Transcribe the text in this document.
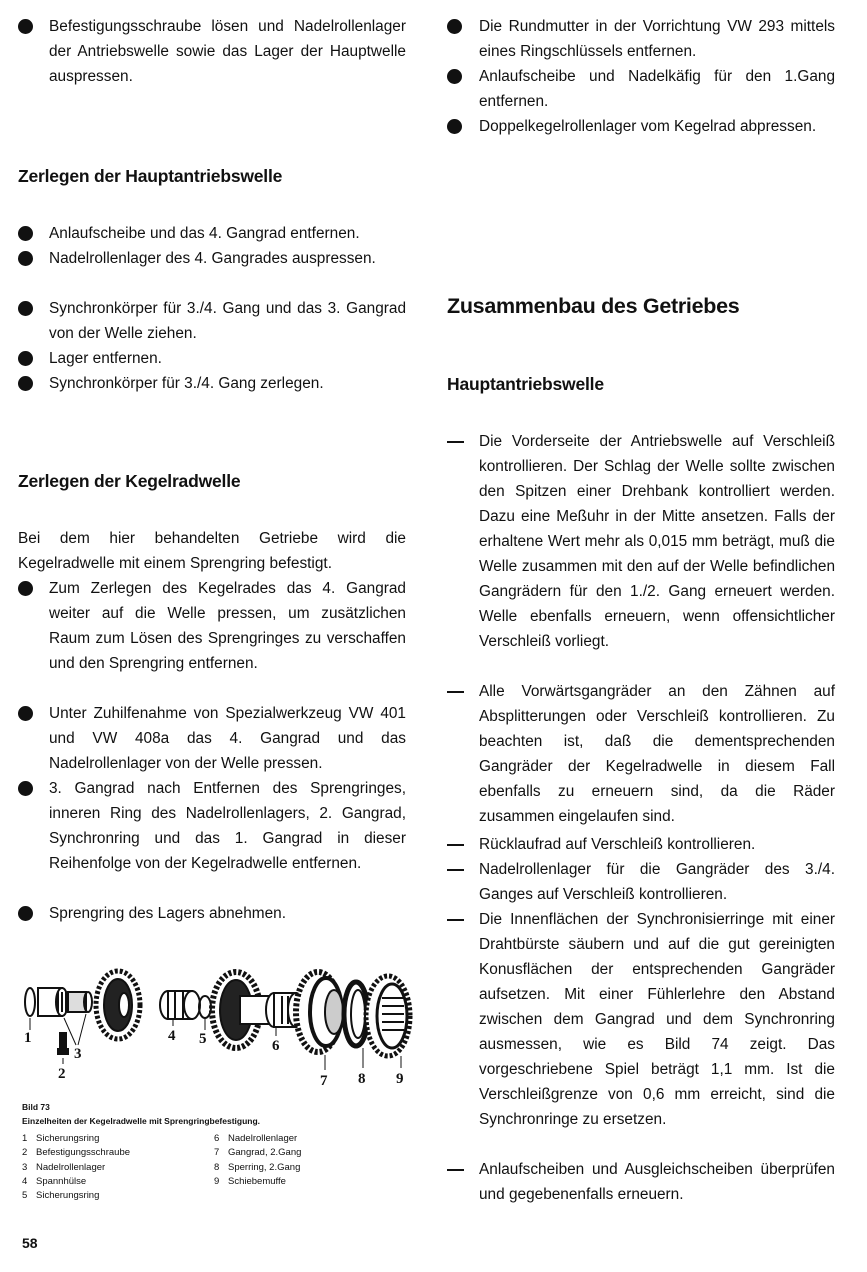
Befestigungsschraube lösen und Nadelrollenlager der Antriebswelle sowie das Lager der Hauptwelle auspressen.
Zerlegen der Hauptantriebswelle
Anlaufscheibe und das 4. Gangrad entfernen.
Nadelrollenlager des 4. Gangrades auspressen.
Synchronkörper für 3./4. Gang und das 3. Gangrad von der Welle ziehen.
Lager entfernen.
Synchronkörper für 3./4. Gang zerlegen.
Zerlegen der Kegelradwelle
Bei dem hier behandelten Getriebe wird die Kegelradwelle mit einem Sprengring befestigt.
Zum Zerlegen des Kegelrades das 4. Gangrad weiter auf die Welle pressen, um zusätzlichen Raum zum Lösen des Sprengringes zu verschaffen und den Sprengring entfernen.
Unter Zuhilfenahme von Spezialwerkzeug VW 401 und VW 408a das 4. Gangrad und das Nadelrollenlager von der Welle pressen.
3. Gangrad nach Entfernen des Sprengringes, inneren Ring des Nadelrollenlagers, 2. Gangrad, Synchronring und das 1. Gangrad in dieser Reihenfolge von der Kegelradwelle entfernen.
Sprengring des Lagers abnehmen.
1
2
3
4 5	6
7 8 9
Bild 73
Einzelheiten der Kegelradwelle mit Sprengringbefestigung.
1 Sicherungsring
2 Befestigungsschraube
3 Nadelrollenlager
4 Spannhülse
5 Sicherungsring
6 Nadelrollenlager
7 Gangrad, 2.Gang
8 Sperring, 2.Gang
9 Schiebemuffe
58
Die Rundmutter in der Vorrichtung VW 293 mittels eines Ringschlüssels entfernen.
Anlaufscheibe und Nadelkäfig für den 1.Gang entfernen.
Doppelkegelrollenlager vom Kegelrad abpressen.
Zusammenbau des Getriebes
Hauptantriebswelle
Die Vorderseite der Antriebswelle auf Verschleiß kontrollieren. Der Schlag der Welle sollte zwischen den Spitzen einer Drehbank kontrolliert werden. Dazu eine Meßuhr in der Mitte ansetzen. Falls der erhaltene Wert mehr als 0,015 mm beträgt, muß die Welle zusammen mit den auf der Welle befindlichen Gangrädern für den 1./2. Gang erneuert werden. Welle ebenfalls erneuern, wenn offensichtlicher Verschleiß vorliegt.
Alle Vorwärtsgangräder an den Zähnen auf Absplitterungen oder Verschleiß kontrollieren. Zu beachten ist, daß die dementsprechenden Gangräder der Kegelradwelle in diesem Fall ebenfalls zu erneuern sind, da die Räder zusammen eingelaufen sind.
Rücklaufrad auf Verschleiß kontrollieren.
Nadelrollenlager für die Gangräder des 3./4. Ganges auf Verschleiß kontrollieren.
Die Innenflächen der Synchronisierringe mit einer Drahtbürste säubern und auf die gut gereinigten Konusflächen der entsprechenden Gangräder aufsetzen. Mit einer Fühlerlehre den Abstand zwischen dem Gangrad und dem Synchronring ausmessen, wie es Bild 74 zeigt. Das vorgeschriebene Spiel beträgt 1,1 mm. Ist die Verschleißgrenze von 0,6 mm erreicht, sind die Synchronringe zu ersetzen.
Anlaufscheiben und Ausgleichscheiben überprüfen und gegebenenfalls erneuern.
